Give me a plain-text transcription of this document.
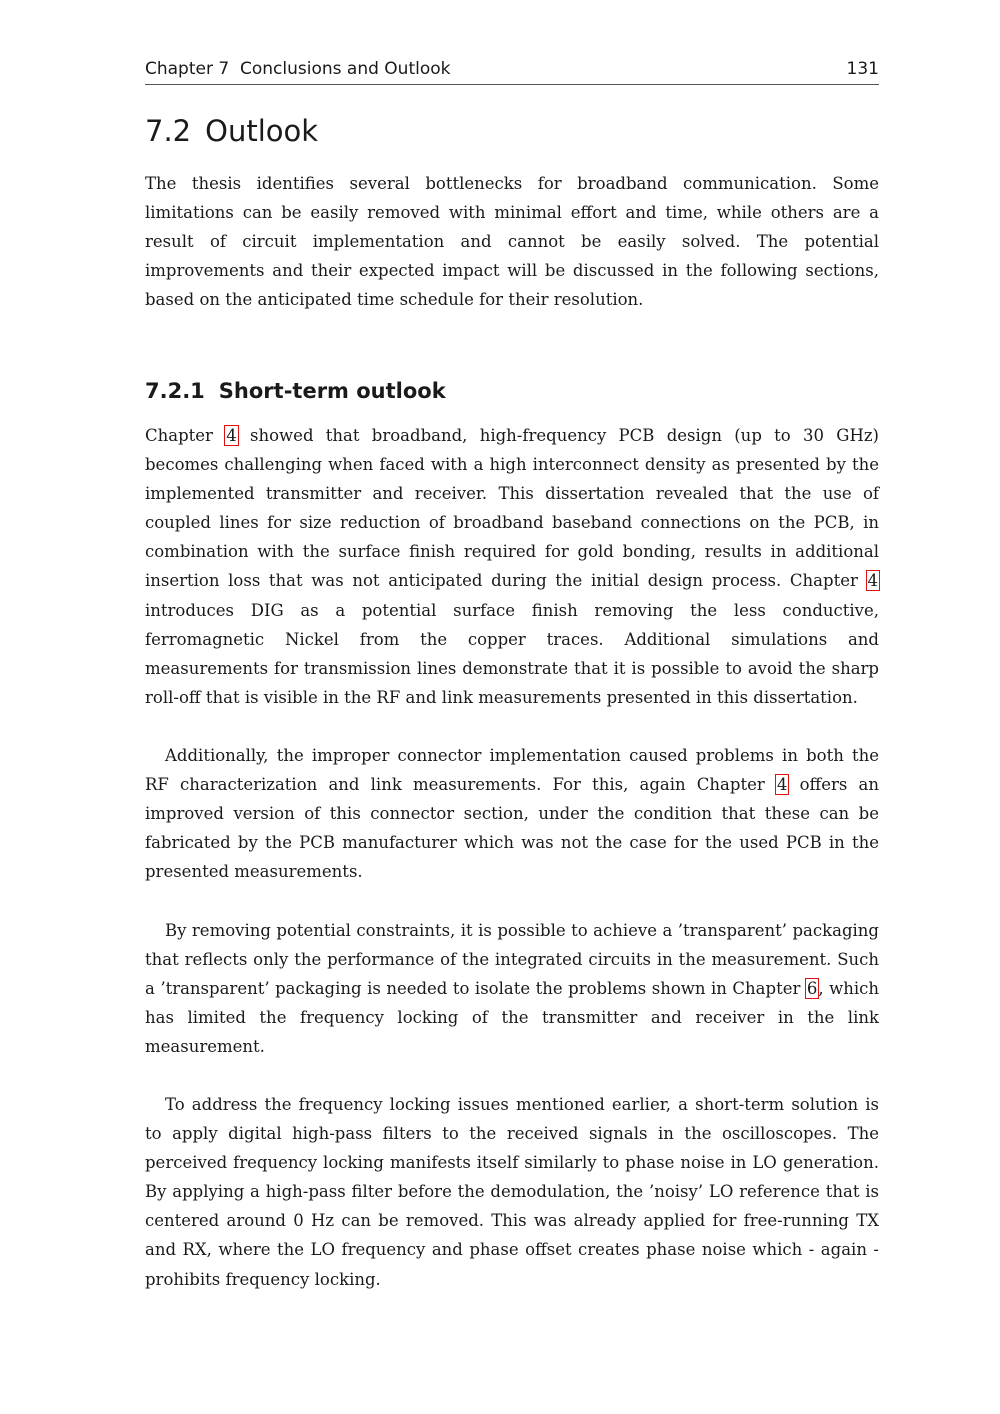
Chapter 7  Conclusions and Outlook	131
7.2 Outlook

The thesis identifies several bottlenecks for broadband communication. Some limitations can be easily removed with minimal effort and time, while others are a result of circuit implementation and cannot be easily solved. The potential improvements and their expected impact will be discussed in the following sections, based on the anticipated time schedule for their resolution.

7.2.1 Short-term outlook

Chapter 4 showed that broadband, high-frequency PCB design (up to 30 GHz) becomes challenging when faced with a high interconnect density as presented by the implemented transmitter and receiver. This dissertation revealed that the use of coupled lines for size reduction of broadband baseband connections on the PCB, in combination with the surface finish required for gold bonding, results in additional insertion loss that was not anticipated during the initial design process. Chapter 4 introduces DIG as a potential surface finish removing the less conductive, ferromagnetic Nickel from the copper traces. Additional simulations and measurements for transmission lines demonstrate that it is possible to avoid the sharp roll-off that is visible in the RF and link measurements presented in this dissertation.

Additionally, the improper connector implementation caused problems in both the RF characterization and link measurements. For this, again Chapter 4 offers an improved version of this connector section, under the condition that these can be fabricated by the PCB manufacturer which was not the case for the used PCB in the presented measurements.

By removing potential constraints, it is possible to achieve a ’transparent’ packaging that reflects only the performance of the integrated circuits in the measurement. Such a ’transparent’ packaging is needed to isolate the problems shown in Chapter 6, which has limited the frequency locking of the transmitter and receiver in the link measurement.

To address the frequency locking issues mentioned earlier, a short-term solution is to apply digital high-pass filters to the received signals in the oscilloscopes. The perceived frequency locking manifests itself similarly to phase noise in LO generation. By applying a high-pass filter before the demodulation, the ’noisy’ LO reference that is centered around 0 Hz can be removed. This was already applied for free-running TX and RX, where the LO frequency and phase offset creates phase noise which - again - prohibits frequency locking.
